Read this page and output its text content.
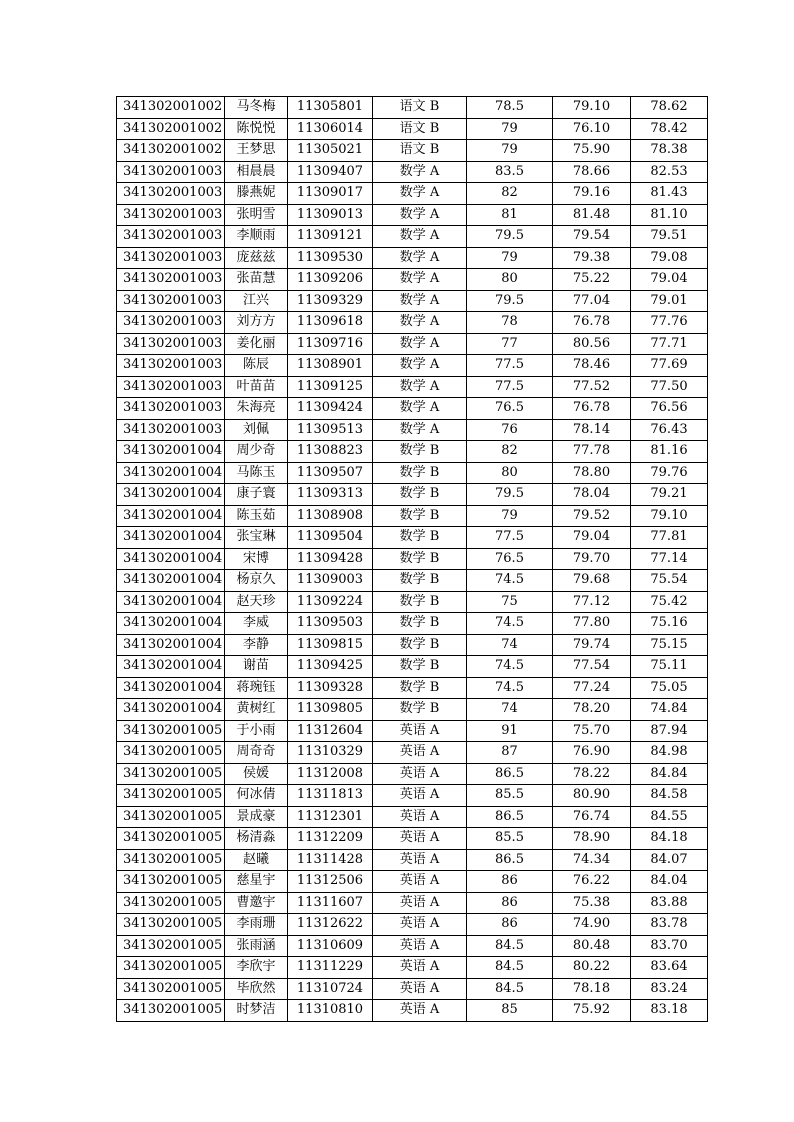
341302001002	马冬梅	11305801	语文 B	78.5	79.10	78.62
341302001002	陈悦悦	11306014	语文 B	79	76.10	78.42
341302001002	王梦思	11305021	语文 B	79	75.90	78.38
341302001003	相晨晨	11309407	数学 A	83.5	78.66	82.53
341302001003	滕燕妮	11309017	数学 A	82	79.16	81.43
341302001003	张明雪	11309013	数学 A	81	81.48	81.10
341302001003	李顺雨	11309121	数学 A	79.5	79.54	79.51
341302001003	庞兹兹	11309530	数学 A	79	79.38	79.08
341302001003	张苗慧	11309206	数学 A	80	75.22	79.04
341302001003	江兴	11309329	数学 A	79.5	77.04	79.01
341302001003	刘方方	11309618	数学 A	78	76.78	77.76
341302001003	姜化丽	11309716	数学 A	77	80.56	77.71
341302001003	陈辰	11308901	数学 A	77.5	78.46	77.69
341302001003	叶苗苗	11309125	数学 A	77.5	77.52	77.50
341302001003	朱海亮	11309424	数学 A	76.5	76.78	76.56
341302001003	刘佩	11309513	数学 A	76	78.14	76.43
341302001004	周少奇	11308823	数学 B	82	77.78	81.16
341302001004	马陈玉	11309507	数学 B	80	78.80	79.76
341302001004	康子寰	11309313	数学 B	79.5	78.04	79.21
341302001004	陈玉茹	11308908	数学 B	79	79.52	79.10
341302001004	张宝琳	11309504	数学 B	77.5	79.04	77.81
341302001004	宋博	11309428	数学 B	76.5	79.70	77.14
341302001004	杨京久	11309003	数学 B	74.5	79.68	75.54
341302001004	赵天珍	11309224	数学 B	75	77.12	75.42
341302001004	李威	11309503	数学 B	74.5	77.80	75.16
341302001004	李静	11309815	数学 B	74	79.74	75.15
341302001004	谢苗	11309425	数学 B	74.5	77.54	75.11
341302001004	蒋琬钰	11309328	数学 B	74.5	77.24	75.05
341302001004	黄树红	11309805	数学 B	74	78.20	74.84
341302001005	于小雨	11312604	英语 A	91	75.70	87.94
341302001005	周奇奇	11310329	英语 A	87	76.90	84.98
341302001005	侯媛	11312008	英语 A	86.5	78.22	84.84
341302001005	何冰倩	11311813	英语 A	85.5	80.90	84.58
341302001005	景成豪	11312301	英语 A	86.5	76.74	84.55
341302001005	杨清淼	11312209	英语 A	85.5	78.90	84.18
341302001005	赵曦	11311428	英语 A	86.5	74.34	84.07
341302001005	慈星宇	11312506	英语 A	86	76.22	84.04
341302001005	曹邀宇	11311607	英语 A	86	75.38	83.88
341302001005	李雨珊	11312622	英语 A	86	74.90	83.78
341302001005	张雨涵	11310609	英语 A	84.5	80.48	83.70
341302001005	李欣宇	11311229	英语 A	84.5	80.22	83.64
341302001005	毕欣然	11310724	英语 A	84.5	78.18	83.24
341302001005	时梦洁	11310810	英语 A	85	75.92	83.18
